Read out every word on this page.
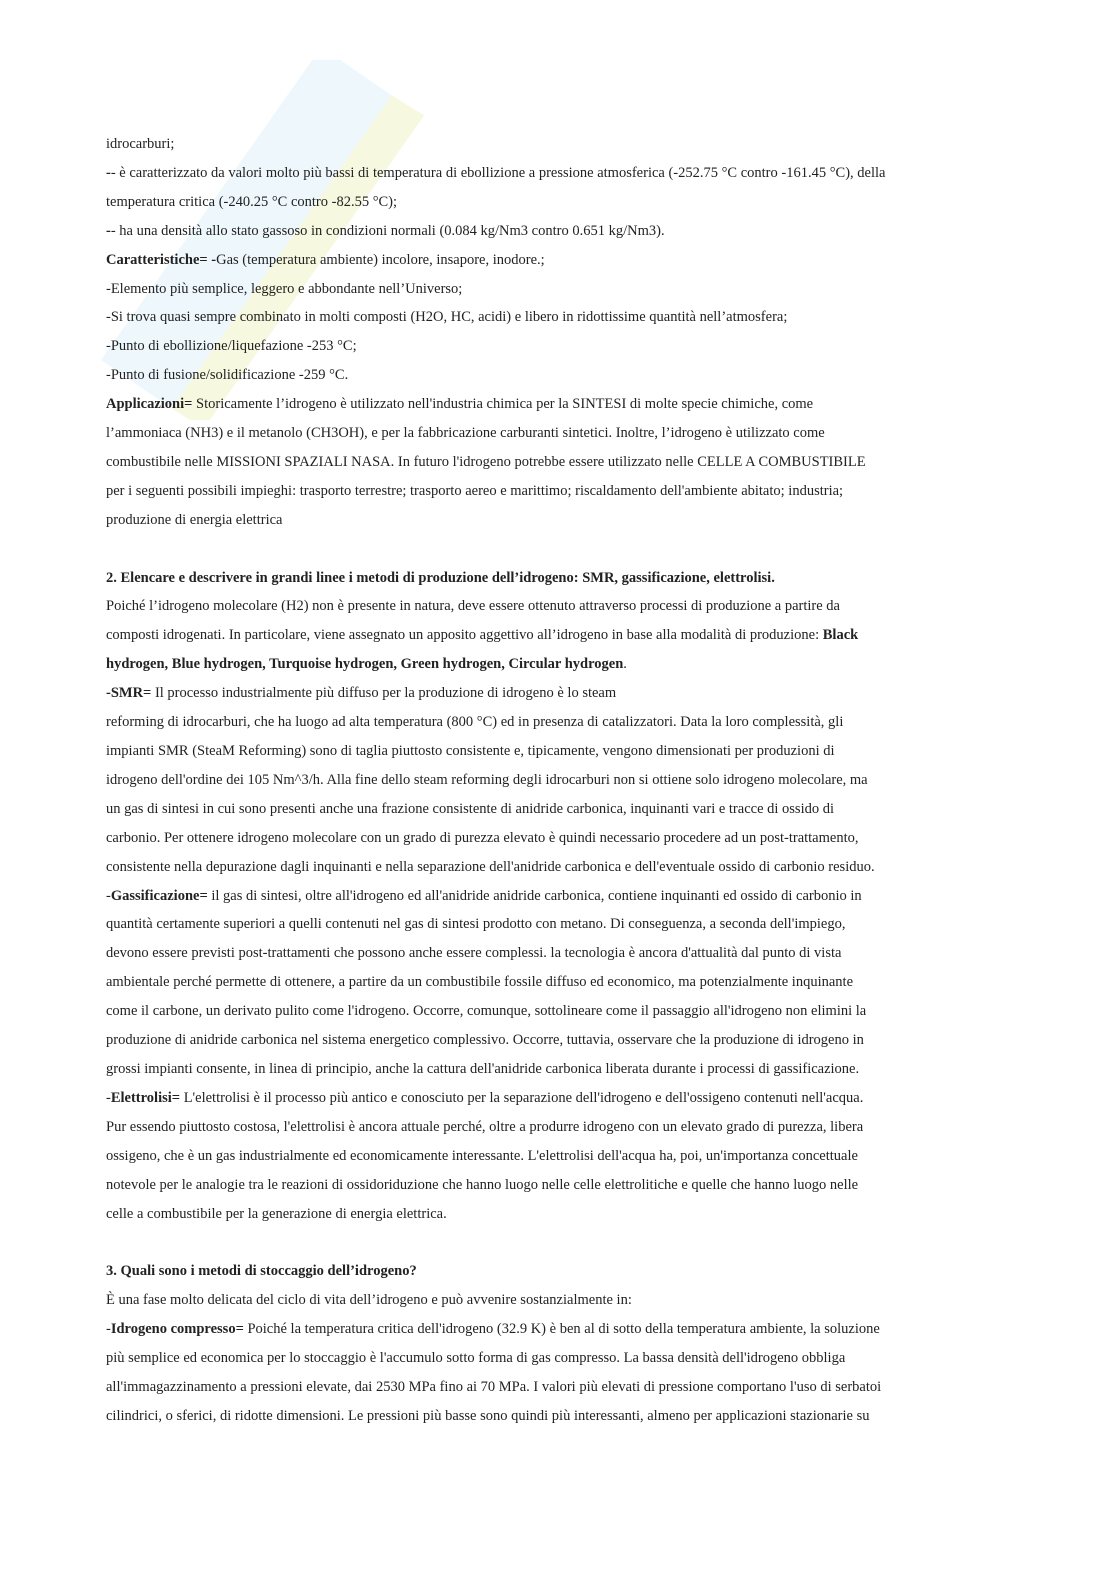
idrocarburi;
-- è caratterizzato da valori molto più bassi di temperatura di ebollizione a pressione atmosferica (-252.75 °C contro -161.45 °C), della
temperatura critica (-240.25 °C contro -82.55 °C);
-- ha una densità allo stato gassoso in condizioni normali (0.084 kg/Nm3 contro 0.651 kg/Nm3).
Caratteristiche= -Gas (temperatura ambiente) incolore, insapore, inodore.;
-Elemento più semplice, leggero e abbondante nell’Universo;
-Si trova quasi sempre combinato in molti composti (H2O, HC, acidi) e libero in ridottissime quantità nell’atmosfera;
-Punto di ebollizione/liquefazione -253 °C;
-Punto di fusione/solidificazione -259 °C.
Applicazioni= Storicamente l’idrogeno è utilizzato nell'industria chimica per la SINTESI di molte specie chimiche, come
l’ammoniaca (NH3) e il metanolo (CH3OH), e per la fabbricazione carburanti sintetici. Inoltre, l’idrogeno è utilizzato come
combustibile nelle MISSIONI SPAZIALI NASA. In futuro l'idrogeno potrebbe essere utilizzato nelle CELLE A COMBUSTIBILE
per i seguenti possibili impieghi: trasporto terrestre; trasporto aereo e marittimo; riscaldamento dell'ambiente abitato; industria;
produzione di energia elettrica
2. Elencare e descrivere in grandi linee i metodi di produzione dell’idrogeno: SMR, gassificazione, elettrolisi.
Poiché l’idrogeno molecolare (H2) non è presente in natura, deve essere ottenuto attraverso processi di produzione a partire da
composti idrogenati. In particolare, viene assegnato un apposito aggettivo all’idrogeno in base alla modalità di produzione: Black
hydrogen, Blue hydrogen, Turquoise hydrogen, Green hydrogen, Circular hydrogen.
-SMR= Il processo industrialmente più diffuso per la produzione di idrogeno è lo steam
reforming di idrocarburi, che ha luogo ad alta temperatura (800 °C) ed in presenza di catalizzatori. Data la loro complessità, gli
impianti SMR (SteaM Reforming) sono di taglia piuttosto consistente e, tipicamente, vengono dimensionati per produzioni di
idrogeno dell'ordine dei 105 Nm^3/h. Alla fine dello steam reforming degli idrocarburi non si ottiene solo idrogeno molecolare, ma
un gas di sintesi in cui sono presenti anche una frazione consistente di anidride carbonica, inquinanti vari e tracce di ossido di
carbonio. Per ottenere idrogeno molecolare con un grado di purezza elevato è quindi necessario procedere ad un post-trattamento,
consistente nella depurazione dagli inquinanti e nella separazione dell'anidride carbonica e dell'eventuale ossido di carbonio residuo.
-Gassificazione= il gas di sintesi, oltre all'idrogeno ed all'anidride anidride carbonica, contiene inquinanti ed ossido di carbonio in
quantità certamente superiori a quelli contenuti nel gas di sintesi prodotto con metano. Di conseguenza, a seconda dell'impiego,
devono essere previsti post-trattamenti che possono anche essere complessi. la tecnologia è ancora d'attualità dal punto di vista
ambientale perché permette di ottenere, a partire da un combustibile fossile diffuso ed economico, ma potenzialmente inquinante
come il carbone, un derivato pulito come l'idrogeno. Occorre, comunque, sottolineare come il passaggio all'idrogeno non elimini la
produzione di anidride carbonica nel sistema energetico complessivo. Occorre, tuttavia, osservare che la produzione di idrogeno in
grossi impianti consente, in linea di principio, anche la cattura dell'anidride carbonica liberata durante i processi di gassificazione.
-Elettrolisi= L'elettrolisi è il processo più antico e conosciuto per la separazione dell'idrogeno e dell'ossigeno contenuti nell'acqua.
Pur essendo piuttosto costosa, l'elettrolisi è ancora attuale perché, oltre a produrre idrogeno con un elevato grado di purezza, libera
ossigeno, che è un gas industrialmente ed economicamente interessante. L'elettrolisi dell'acqua ha, poi, un'importanza concettuale
notevole per le analogie tra le reazioni di ossidoriduzione che hanno luogo nelle celle elettrolitiche e quelle che hanno luogo nelle
celle a combustibile per la generazione di energia elettrica.
3. Quali sono i metodi di stoccaggio dell’idrogeno?
È una fase molto delicata del ciclo di vita dell’idrogeno e può avvenire sostanzialmente in:
-Idrogeno compresso= Poiché la temperatura critica dell'idrogeno (32.9 K) è ben al di sotto della temperatura ambiente, la soluzione
più semplice ed economica per lo stoccaggio è l'accumulo sotto forma di gas compresso. La bassa densità dell'idrogeno obbliga
all'immagazzinamento a pressioni elevate, dai 2530 MPa fino ai 70 MPa. I valori più elevati di pressione comportano l'uso di serbatoi
cilindrici, o sferici, di ridotte dimensioni. Le pressioni più basse sono quindi più interessanti, almeno per applicazioni stazionarie su
